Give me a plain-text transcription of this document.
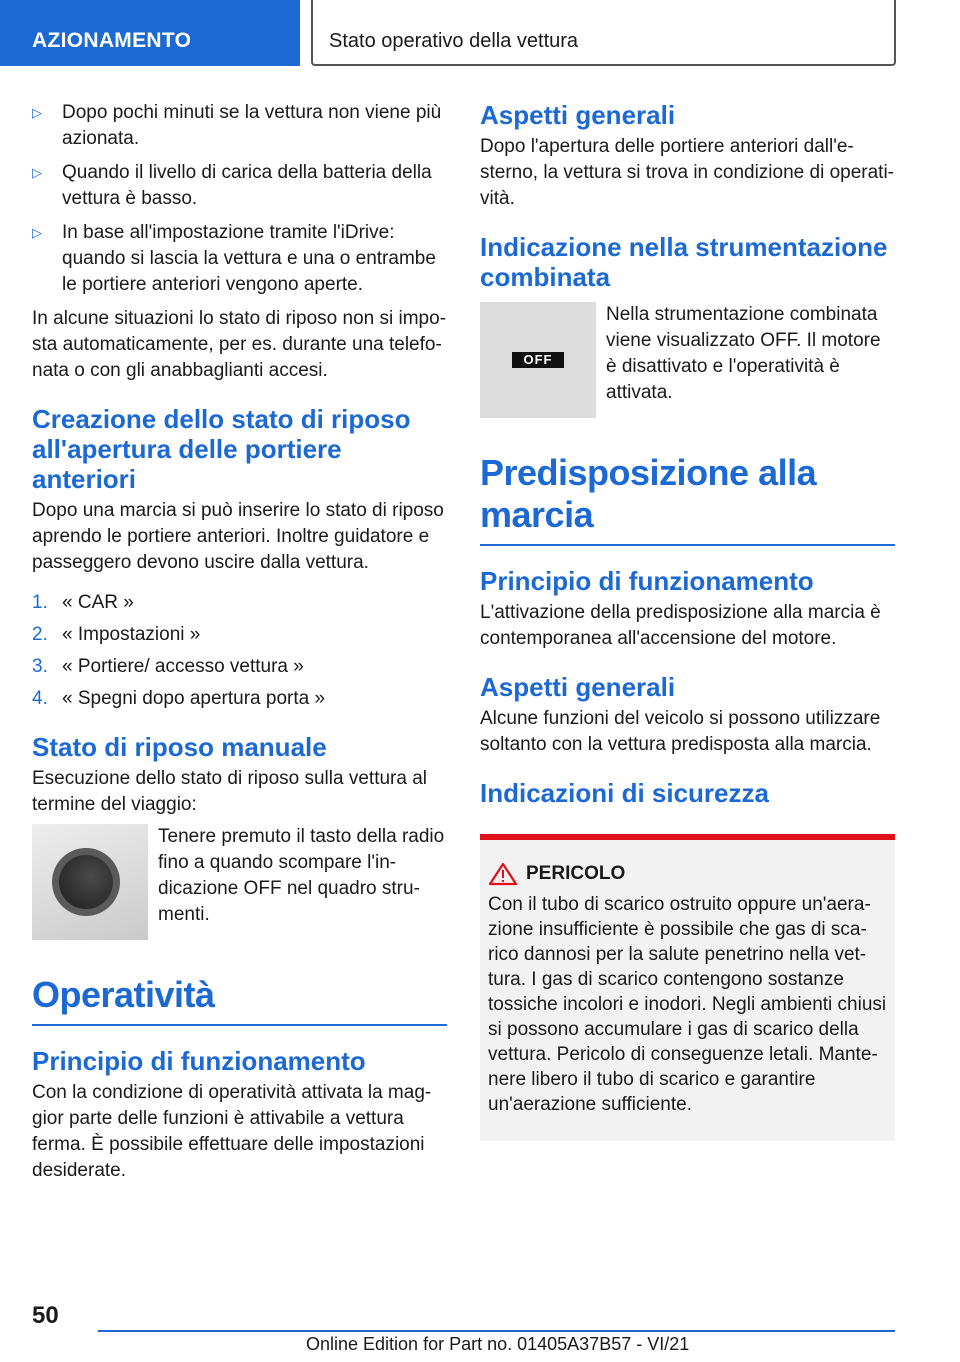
AZIONAMENTO	Stato operativo della vettura
▷ Dopo pochi minuti se la vettura non viene più azionata.
▷ Quando il livello di carica della batteria della vettura è basso.
▷ In base all'impostazione tramite l'iDrive: quando si lascia la vettura e una o entrambe le portiere anteriori vengono aperte.

In alcune situazioni lo stato di riposo non si imposta automaticamente, per es. durante una telefonata o con gli anabbaglianti accesi.

Creazione dello stato di riposo all'apertura delle portiere anteriori

Dopo una marcia si può inserire lo stato di riposo aprendo le portiere anteriori. Inoltre guidatore e passeggero devono uscire dalla vettura.

1. « CAR »
2. « Impostazioni »
3. « Portiere/ accesso vettura »
4. « Spegni dopo apertura porta »
Stato di riposo manuale

Esecuzione dello stato di riposo sulla vettura al termine del viaggio:

Tenere premuto il tasto della radio fino a quando scompare l'indicazione OFF nel quadro strumenti.
Operatività
Principio di funzionamento

Con la condizione di operatività attivata la maggior parte delle funzioni è attivabile a vettura ferma. È possibile effettuare delle impostazioni desiderate.

Aspetti generali

Dopo l'apertura delle portiere anteriori dall'esterno, la vettura si trova in condizione di operatività.

Indicazione nella strumentazione combinata
OFF
Nella strumentazione combinata viene visualizzato OFF. Il motore è disattivato e l'operatività è attivata.
Predisposizione alla marcia
Principio di funzionamento

L'attivazione della predisposizione alla marcia è contemporanea all'accensione del motore.

Aspetti generali

Alcune funzioni del veicolo si possono utilizzare soltanto con la vettura predisposta alla marcia.

Indicazioni di sicurezza
PERICOLO

Con il tubo di scarico ostruito oppure un'aerazione insufficiente è possibile che gas di scarico dannosi per la salute penetrino nella vettura. I gas di scarico contengono sostanze tossiche incolori e inodori. Negli ambienti chiusi si possono accumulare i gas di scarico della vettura. Pericolo di conseguenze letali. Mantenere libero il tubo di scarico e garantire un'aerazione sufficiente.

50
Online Edition for Part no. 01405A37B57 - VI/21
